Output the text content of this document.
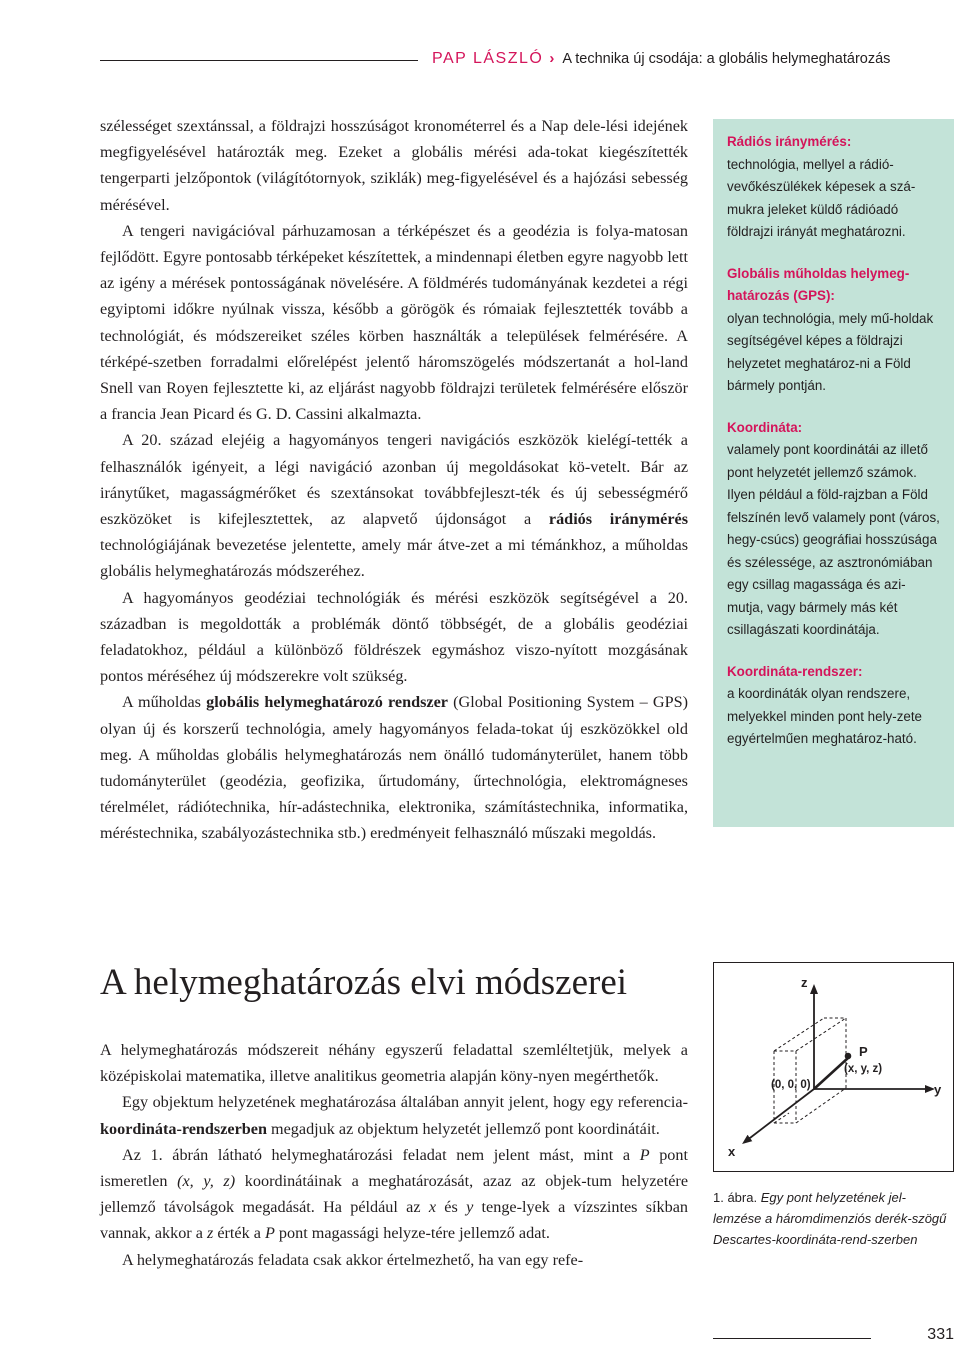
PAP LÁSZLÓ › A technika új csodája: a globális helymeghatározás

szélességet szextánssal, a földrajzi hosszúságot kronométerrel és a Nap dele-lési idejének megfigyelésével határozták meg. Ezeket a globális mérési ada-tokat kiegészítették tengerparti jelzőpontok (világítótornyok, sziklák) meg-figyelésével és a hajózási sebesség mérésével.

A tengeri navigációval párhuzamosan a térképészet és a geodézia is folya-matosan fejlődött. Egyre pontosabb térképeket készítettek, a mindennapi életben egyre nagyobb lett az igény a mérések pontosságának növelésére. A földmérés tudományának kezdetei a régi egyiptomi időkre nyúlnak vissza, később a görögök és rómaiak fejlesztették tovább a technológiát, és módszereiket széles körben használták a települések felmérésére. A térképé-szetben forradalmi előrelépést jelentő háromszögelés módszertanát a hol-land Snell van Royen fejlesztette ki, az eljárást nagyobb földrajzi területek felmérésére először a francia Jean Picard és G. D. Cassini alkalmazta.

A 20. század elejéig a hagyományos tengeri navigációs eszközök kielégí-tették a felhasználók igényeit, a légi navigáció azonban új megoldásokat kö-vetelt. Bár az iránytűket, magasságmérőket és szextánsokat továbbfejleszt-ték és új sebességmérő eszközöket is kifejlesztettek, az alapvető újdonságot a rádiós iránymérés technológiájának bevezetése jelentette, amely már átve-zet a mi témánkhoz, a műholdas globális helymeghatározás módszeréhez.

A hagyományos geodéziai technológiák és mérési eszközök segítségével a 20. században is megoldották a problémák döntő többségét, de a globális geodéziai feladatokhoz, például a különböző földrészek egymáshoz viszo-nyított mozgásának pontos méréséhez új módszerekre volt szükség.

A műholdas globális helymeghatározó rendszer (Global Positioning System – GPS) olyan új és korszerű technológia, amely hagyományos felada-tokat új eszközökkel old meg. A műholdas globális helymeghatározás nem önálló tudományterület, hanem több tudományterület (geodézia, geofizika, űrtudomány, űrtechnológia, elektromágneses térelmélet, rádiótechnika, hír-adástechnika, elektronika, számítástechnika, informatika, méréstechnika, szabályozástechnika stb.) eredményeit felhasználó műszaki megoldás.

Rádiós iránymérés:
technológia, mellyel a rádió-vevőkészülékek képesek a szá-mukra jeleket küldő rádióadó földrajzi irányát meghatározni.
Globális műholdas helymeg-határozás (GPS):
olyan technológia, mely mű-holdak segítségével képes a földrajzi helyzetet meghatároz-ni a Föld bármely pontján.
Koordináta:
valamely pont koordinátái az illető pont helyzetét jellemző számok. Ilyen például a föld-rajzban a Föld felszínén levő valamely pont (város, hegy-csúcs) geográfiai hosszúsága és szélessége, az asztronómiában egy csillag magassága és azi-mutja, vagy bármely más két csillagászati koordinátája.
Koordináta-rendszer:
a koordináták olyan rendszere, melyekkel minden pont hely-zete egyértelműen meghatároz-ható.
A helymeghatározás elvi módszerei

A helymeghatározás módszereit néhány egyszerű feladattal szemléltetjük, melyek a középiskolai matematika, illetve analitikus geometria alapján köny-nyen megérthetők.

Egy objektum helyzetének meghatározása általában annyit jelent, hogy egy referencia-koordináta-rendszerben megadjuk az objektum helyzetét jellemző pont koordinátáit.

Az 1. ábrán látható helymeghatározási feladat nem jelent mást, mint a P pont ismeretlen (x, y, z) koordinátáinak a meghatározását, azaz az objek-tum helyzetére jellemző távolságok megadását. Ha például az x és y tenge-lyek a vízszintes síkban vannak, akkor a z érték a P pont magassági helyze-tére jellemző adat.

A helymeghatározás feladata csak akkor értelmezhető, ha van egy refe-

z
y
x
(0, 0, 0)
P
(x, y, z)
1. ábra. Egy pont helyzetének jel-lemzése a háromdimenziós derék-szögű Descartes-koordináta-rend-szerben
331
